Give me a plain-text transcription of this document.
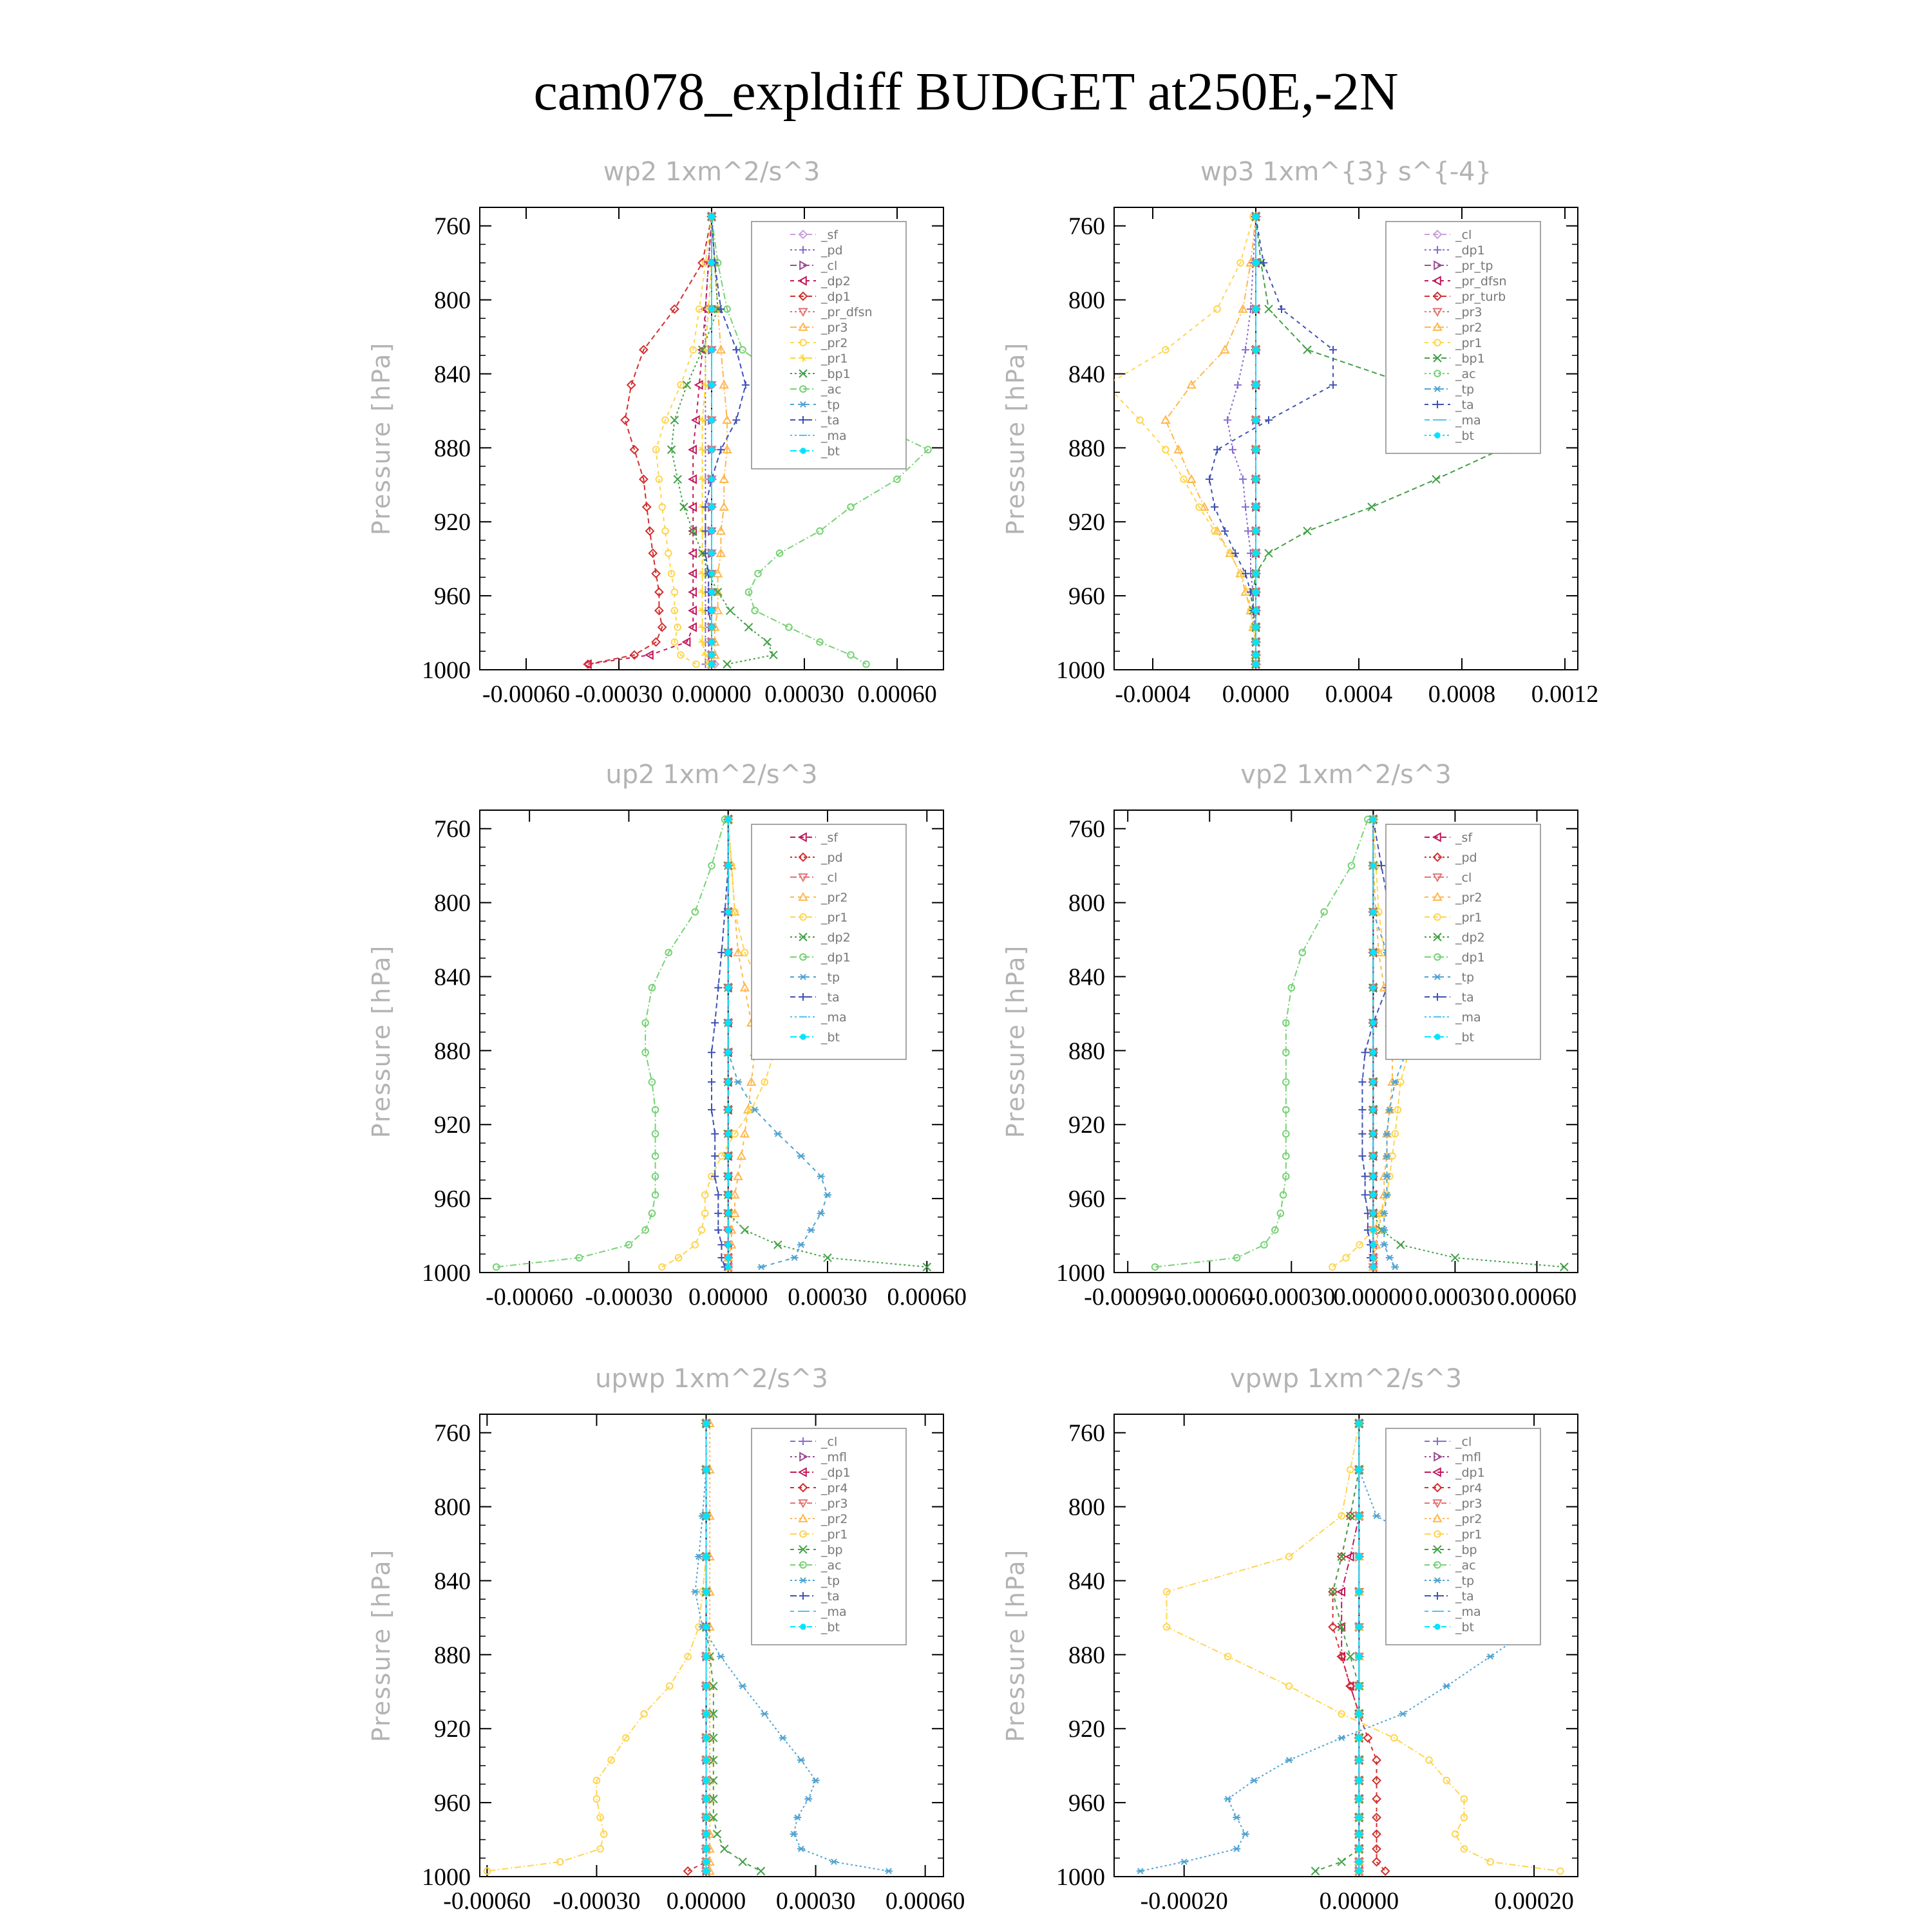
cam078_expldiff BUDGET at250E,-2N
wp2 1xm^2/s^3
Pressure [hPa]
760
800
840
880
920
960
1000
-0.00060 -0.00030 0.00000 0.00030 0.00060
_sf
_pd
_cl
_dp2
_dp1
_pr_dfsn
_pr3
_pr2
_pr1
_bp1
_ac
_tp
_ta
_ma
_bt
wp3 1xm^{3} s^{-4}
Pressure [hPa]
760
800
840
880
920
960
1000
-0.0004 0.0000 0.0004 0.0008 0.0012
_cl
_dp1
_pr_tp
_pr_dfsn
_pr_turb
_pr3
_pr2
_pr1
_bp1
_ac
_tp
_ta
_ma
_bt
up2 1xm^2/s^3
Pressure [hPa]
760
800
840
880
920
960
1000
-0.00060 -0.00030 0.00000 0.00030 0.00060
_sf
_pd
_cl
_pr2
_pr1
_dp2
_dp1
_tp
_ta
_ma
_bt
vp2 1xm^2/s^3
Pressure [hPa]
760
800
840
880
920
960
1000
-0.00090
-0.00060
-0.00030
0.00000 0.00030 0.00060
_sf
_pd
_cl
_pr2
_pr1
_dp2
_dp1
_tp
_ta
_ma
_bt
upwp 1xm^2/s^3
Pressure [hPa]
760
800
840
880
920
960
1000
-0.00060 -0.00030 0.00000 0.00030 0.00060
_cl
_mfl
_dp1
_pr4
_pr3
_pr2
_pr1
_bp
_ac
_tp
_ta
_ma
_bt
vpwp 1xm^2/s^3
Pressure [hPa]
760
800
840
880
920
960
1000
-0.00020	0.00000	0.00020
_cl
_mfl
_dp1
_pr4
_pr3
_pr2
_pr1
_bp
_ac
_tp
_ta
_ma
_bt
